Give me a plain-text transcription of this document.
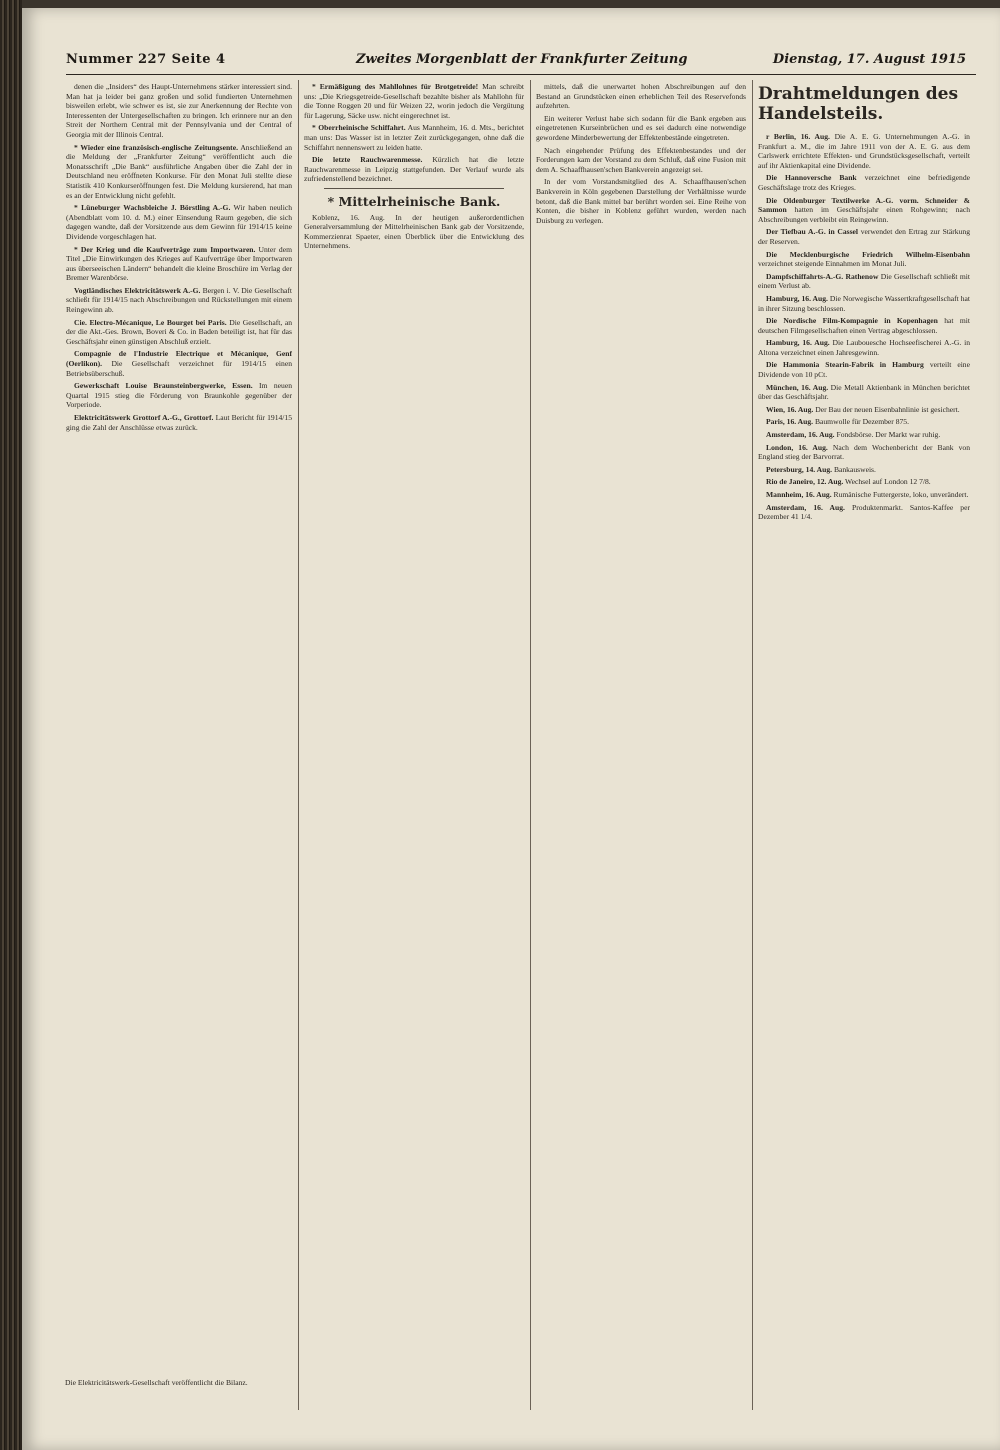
Nummer 227 Seite 4	Zweites Morgenblatt der Frankfurter Zeitung	Dienstag, 17. August 1915

denen die „Insiders“ des Haupt-Unternehmens stärker interessiert sind. Man hat ja leider bei ganz großen und solid fundierten Unternehmen bisweilen erlebt, wie schwer es ist, sie zur Anerkennung der Rechte von Interessenten der Untergesellschaften zu bringen. Ich erinnere nur an den Streit der Northern Central mit der Pennsylvania und der Central of Georgia mit der Illinois Central.

* Wieder eine französisch-englische Zeitungsente. Anschließend an die Meldung der „Frankfurter Zeitung“ veröffentlicht auch die Monatsschrift „Die Bank“ ausführliche Angaben über die Zahl der in Deutschland neu eröffneten Konkurse. Für den Monat Juli stellte diese Statistik 410 Konkurseröffnungen fest. Die Meldung kursierend, hat man es an der Entwicklung nicht gefehlt.

* Lüneburger Wachsbleiche J. Börstling A.-G. Wir haben neulich (Abendblatt vom 10. d. M.) einer Einsendung Raum gegeben, die sich dagegen wandte, daß der Vorsitzende aus dem Gewinn für 1914/15 keine Dividende vorgeschlagen hat.

* Der Krieg und die Kaufverträge zum Importwaren. Unter dem Titel „Die Einwirkungen des Krieges auf Kaufverträge über Importwaren aus überseeischen Ländern“ behandelt die kleine Broschüre im Verlag der Bremer Warenbörse.

Vogtländisches Elektricitätswerk A.-G. Bergen i. V. Die Gesellschaft schließt für 1914/15 nach Abschreibungen und Rückstellungen mit einem Reingewinn ab.

Cie. Electro-Mécanique, Le Bourget bei Paris. Die Gesellschaft, an der die Akt.-Ges. Brown, Boveri & Co. in Baden beteiligt ist, hat für das Geschäftsjahr einen günstigen Abschluß erzielt.

Compagnie de l'Industrie Electrique et Mécanique, Genf (Oerlikon). Die Gesellschaft verzeichnet für 1914/15 einen Betriebsüberschuß.

Gewerkschaft Louise Braunsteinbergwerke, Essen. Im neuen Quartal 1915 stieg die Förderung von Braunkohle gegenüber der Vorperiode.

Elektricitätswerk Grottorf A.-G., Grottorf. Laut Bericht für 1914/15 ging die Zahl der Anschlüsse etwas zurück.

* Ermäßigung des Mahllohnes für Brotgetreide! Man schreibt uns: „Die Kriegsgetreide-Gesellschaft bezahlte bisher als Mahllohn für die Tonne Roggen 20 und für Weizen 22, worin jedoch die Vergütung für Lagerung, Säcke usw. nicht eingerechnet ist.

* Oberrheinische Schiffahrt. Aus Mannheim, 16. d. Mts., berichtet man uns: Das Wasser ist in letzter Zeit zurückgegangen, ohne daß die Schiffahrt nennenswert zu leiden hatte.

Die letzte Rauchwarenmesse. Kürzlich hat die letzte Rauchwarenmesse in Leipzig stattgefunden. Der Verlauf wurde als zufriedenstellend bezeichnet.

* Mittelrheinische Bank.

Koblenz, 16. Aug. In der heutigen außerordentlichen Generalversammlung der Mittelrheinischen Bank gab der Vorsitzende, Kommerzienrat Spaeter, einen Überblick über die Entwicklung des Unternehmens.

mittels, daß die unerwartet hohen Abschreibungen auf den Bestand an Grundstücken einen erheblichen Teil des Reservefonds aufzehrten.

Ein weiterer Verlust habe sich sodann für die Bank ergeben aus eingetretenen Kurseinbrüchen und es sei dadurch eine notwendige gewordene Minderbewertung der Effektenbestände eingetreten.

Nach eingehender Prüfung des Effektenbestandes und der Forderungen kam der Vorstand zu dem Schluß, daß eine Fusion mit dem A. Schaaffhausen'schen Bankverein angezeigt sei.

In der vom Vorstandsmitglied des A. Schaaffhausen'schen Bankverein in Köln gegebenen Darstellung der Verhältnisse wurde betont, daß die Bank mittel bar berührt worden sei. Eine Reihe von Konten, die bisher in Koblenz geführt wurden, werden nach Duisburg zu verlegen.

Drahtmeldungen des Handelsteils.

r Berlin, 16. Aug. Die A. E. G. Unternehmungen A.-G. in Frankfurt a. M., die im Jahre 1911 von der A. E. G. aus dem Carlswerk errichtete Effekten- und Grundstücksgesellschaft, verteilt auf ihr Aktienkapital eine Dividende.

Die Hannoversche Bank verzeichnet eine befriedigende Geschäftslage trotz des Krieges.

Die Oldenburger Textilwerke A.-G. vorm. Schneider & Sammon hatten im Geschäftsjahr einen Rohgewinn; nach Abschreibungen verbleibt ein Reingewinn.

Der Tiefbau A.-G. in Cassel verwendet den Ertrag zur Stärkung der Reserven.

Die Mecklenburgische Friedrich Wilhelm-Eisenbahn verzeichnet steigende Einnahmen im Monat Juli.

Dampfschiffahrts-A.-G. Rathenow Die Gesellschaft schließt mit einem Verlust ab.

Hamburg, 16. Aug. Die Norwegische Wassertkraftgesellschaft hat in ihrer Sitzung beschlossen.

Die Nordische Film-Kompagnie in Kopenhagen hat mit deutschen Filmgesellschaften einen Vertrag abgeschlossen.

Hamburg, 16. Aug. Die Laubouesche Hochseefischerei A.-G. in Altona verzeichnet einen Jahresgewinn.

Die Hammonia Stearin-Fabrik in Hamburg verteilt eine Dividende von 10 pCt.

München, 16. Aug. Die Metall Aktienbank in München berichtet über das Geschäftsjahr.

Wien, 16. Aug. Der Bau der neuen Eisenbahnlinie ist gesichert.

Paris, 16. Aug. Baumwolle für Dezember 875.

Amsterdam, 16. Aug. Fondsbörse. Der Markt war ruhig.

London, 16. Aug. Nach dem Wochenbericht der Bank von England stieg der Barvorrat.

Petersburg, 14. Aug. Bankausweis.

Rio de Janeiro, 12. Aug. Wechsel auf London 12 7/8.

Mannheim, 16. Aug. Rumänische Futtergerste, loko, unverändert.

Amsterdam, 16. Aug. Produktenmarkt. Santos-Kaffee per Dezember 41 1/4.

Die Elektricitätswerk-Gesellschaft veröffentlicht die Bilanz.
